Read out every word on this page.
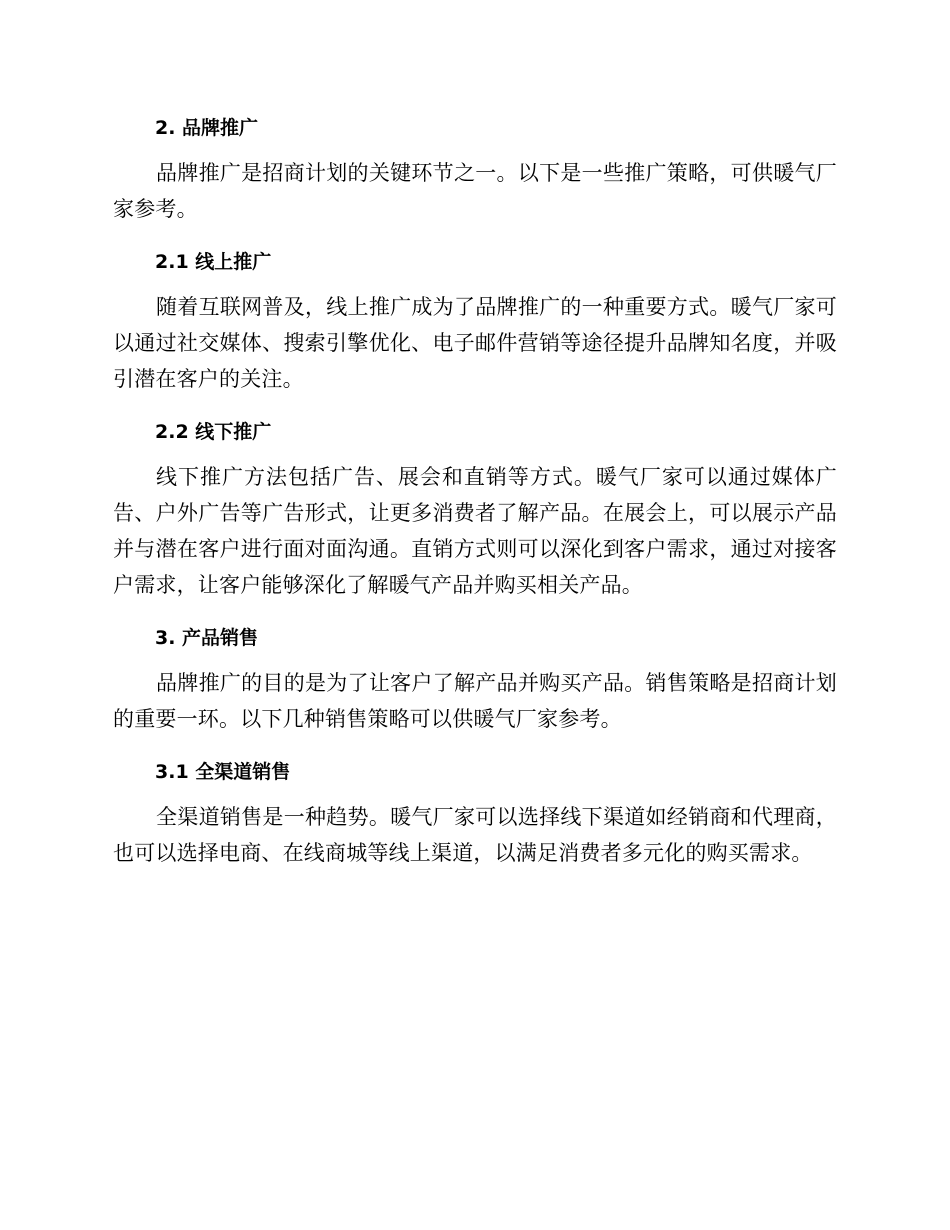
2. 品牌推广

品牌推广是招商计划的关键环节之一。以下是一些推广策略，可供暖气厂家参考。

2.1 线上推广

随着互联网普及，线上推广成为了品牌推广的一种重要方式。暖气厂家可以通过社交媒体、搜索引擎优化、电子邮件营销等途径提升品牌知名度，并吸引潜在客户的关注。

2.2 线下推广

线下推广方法包括广告、展会和直销等方式。暖气厂家可以通过媒体广告、户外广告等广告形式，让更多消费者了解产品。在展会上，可以展示产品并与潜在客户进行面对面沟通。直销方式则可以深化到客户需求，通过对接客户需求，让客户能够深化了解暖气产品并购买相关产品。

3. 产品销售

品牌推广的目的是为了让客户了解产品并购买产品。销售策略是招商计划的重要一环。以下几种销售策略可以供暖气厂家参考。

3.1 全渠道销售

全渠道销售是一种趋势。暖气厂家可以选择线下渠道如经销商和代理商，也可以选择电商、在线商城等线上渠道，以满足消费者多元化的购买需求。
